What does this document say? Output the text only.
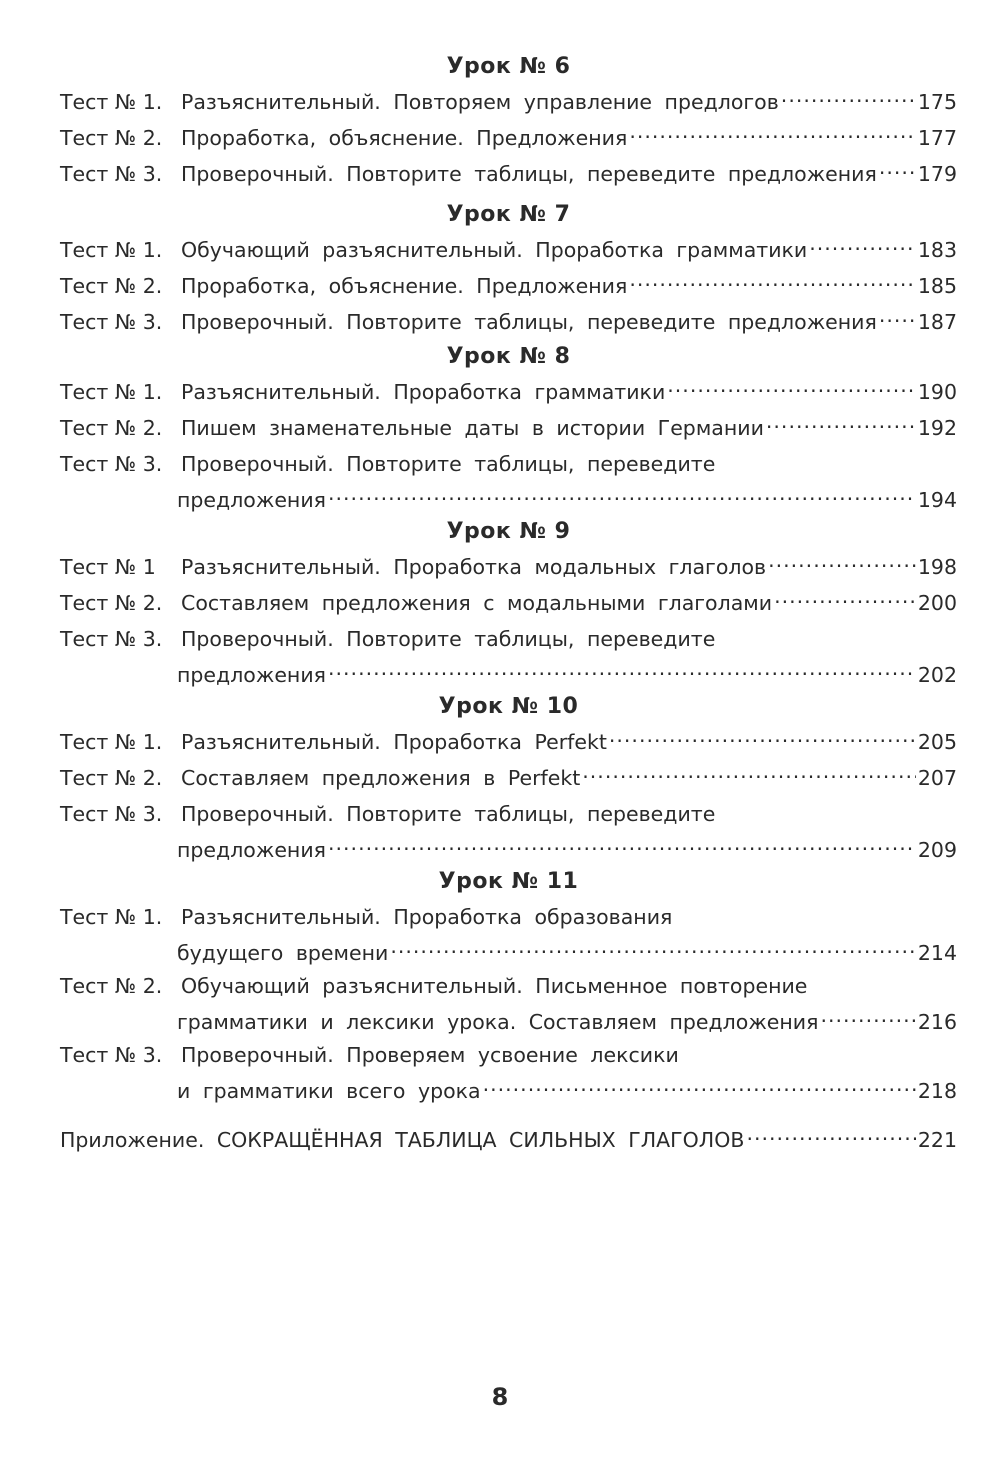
Урок № 6
Тест № 1. Разъяснительный. Повторяем управление предлогов .....	175
Тест № 2. Проработка, объяснение. Предложения .....	177
Тест № 3. Проверочный. Повторите таблицы, переведите предложения ..... 179
Урок № 7
Тест № 1. Обучающий разъяснительный. Проработка грамматики .....	183
Тест № 2. Проработка, объяснение. Предложения .....	185
Тест № 3. Проверочный. Повторите таблицы, переведите предложения ..... 187
Урок № 8
Тест № 1. Разъяснительный. Проработка грамматики .....	190
Тест № 2. Пишем знаменательные даты в истории Германии .....	192
Тест № 3. Проверочный. Повторите таблицы, переведите
предложения .....	194
Урок № 9
Тест № 1	Разъяснительный. Проработка модальных глаголов .....	198
Тест № 2. Составляем предложения с модальными глаголами .....	200
Тест № 3. Проверочный. Повторите таблицы, переведите
предложения .....	202
Урок № 10
Тест № 1. Разъяснительный. Проработка Perfekt .....	205
Тест № 2. Составляем предложения в Perfekt .....	207
Тест № 3. Проверочный. Повторите таблицы, переведите
предложения .....	209
Урок № 11
Тест № 1. Разъяснительный. Проработка образования
будущего времени .....	214
Тест № 2. Обучающий разъяснительный. Письменное повторение
грамматики и лексики урока. Составляем предложения .....	216
Тест № 3. Проверочный. Проверяем усвоение лексики
и грамматики всего урока .....	218
Приложение. СОКРАЩЁННАЯ ТАБЛИЦА СИЛЬНЫХ ГЛАГОЛОВ .....	221
8
